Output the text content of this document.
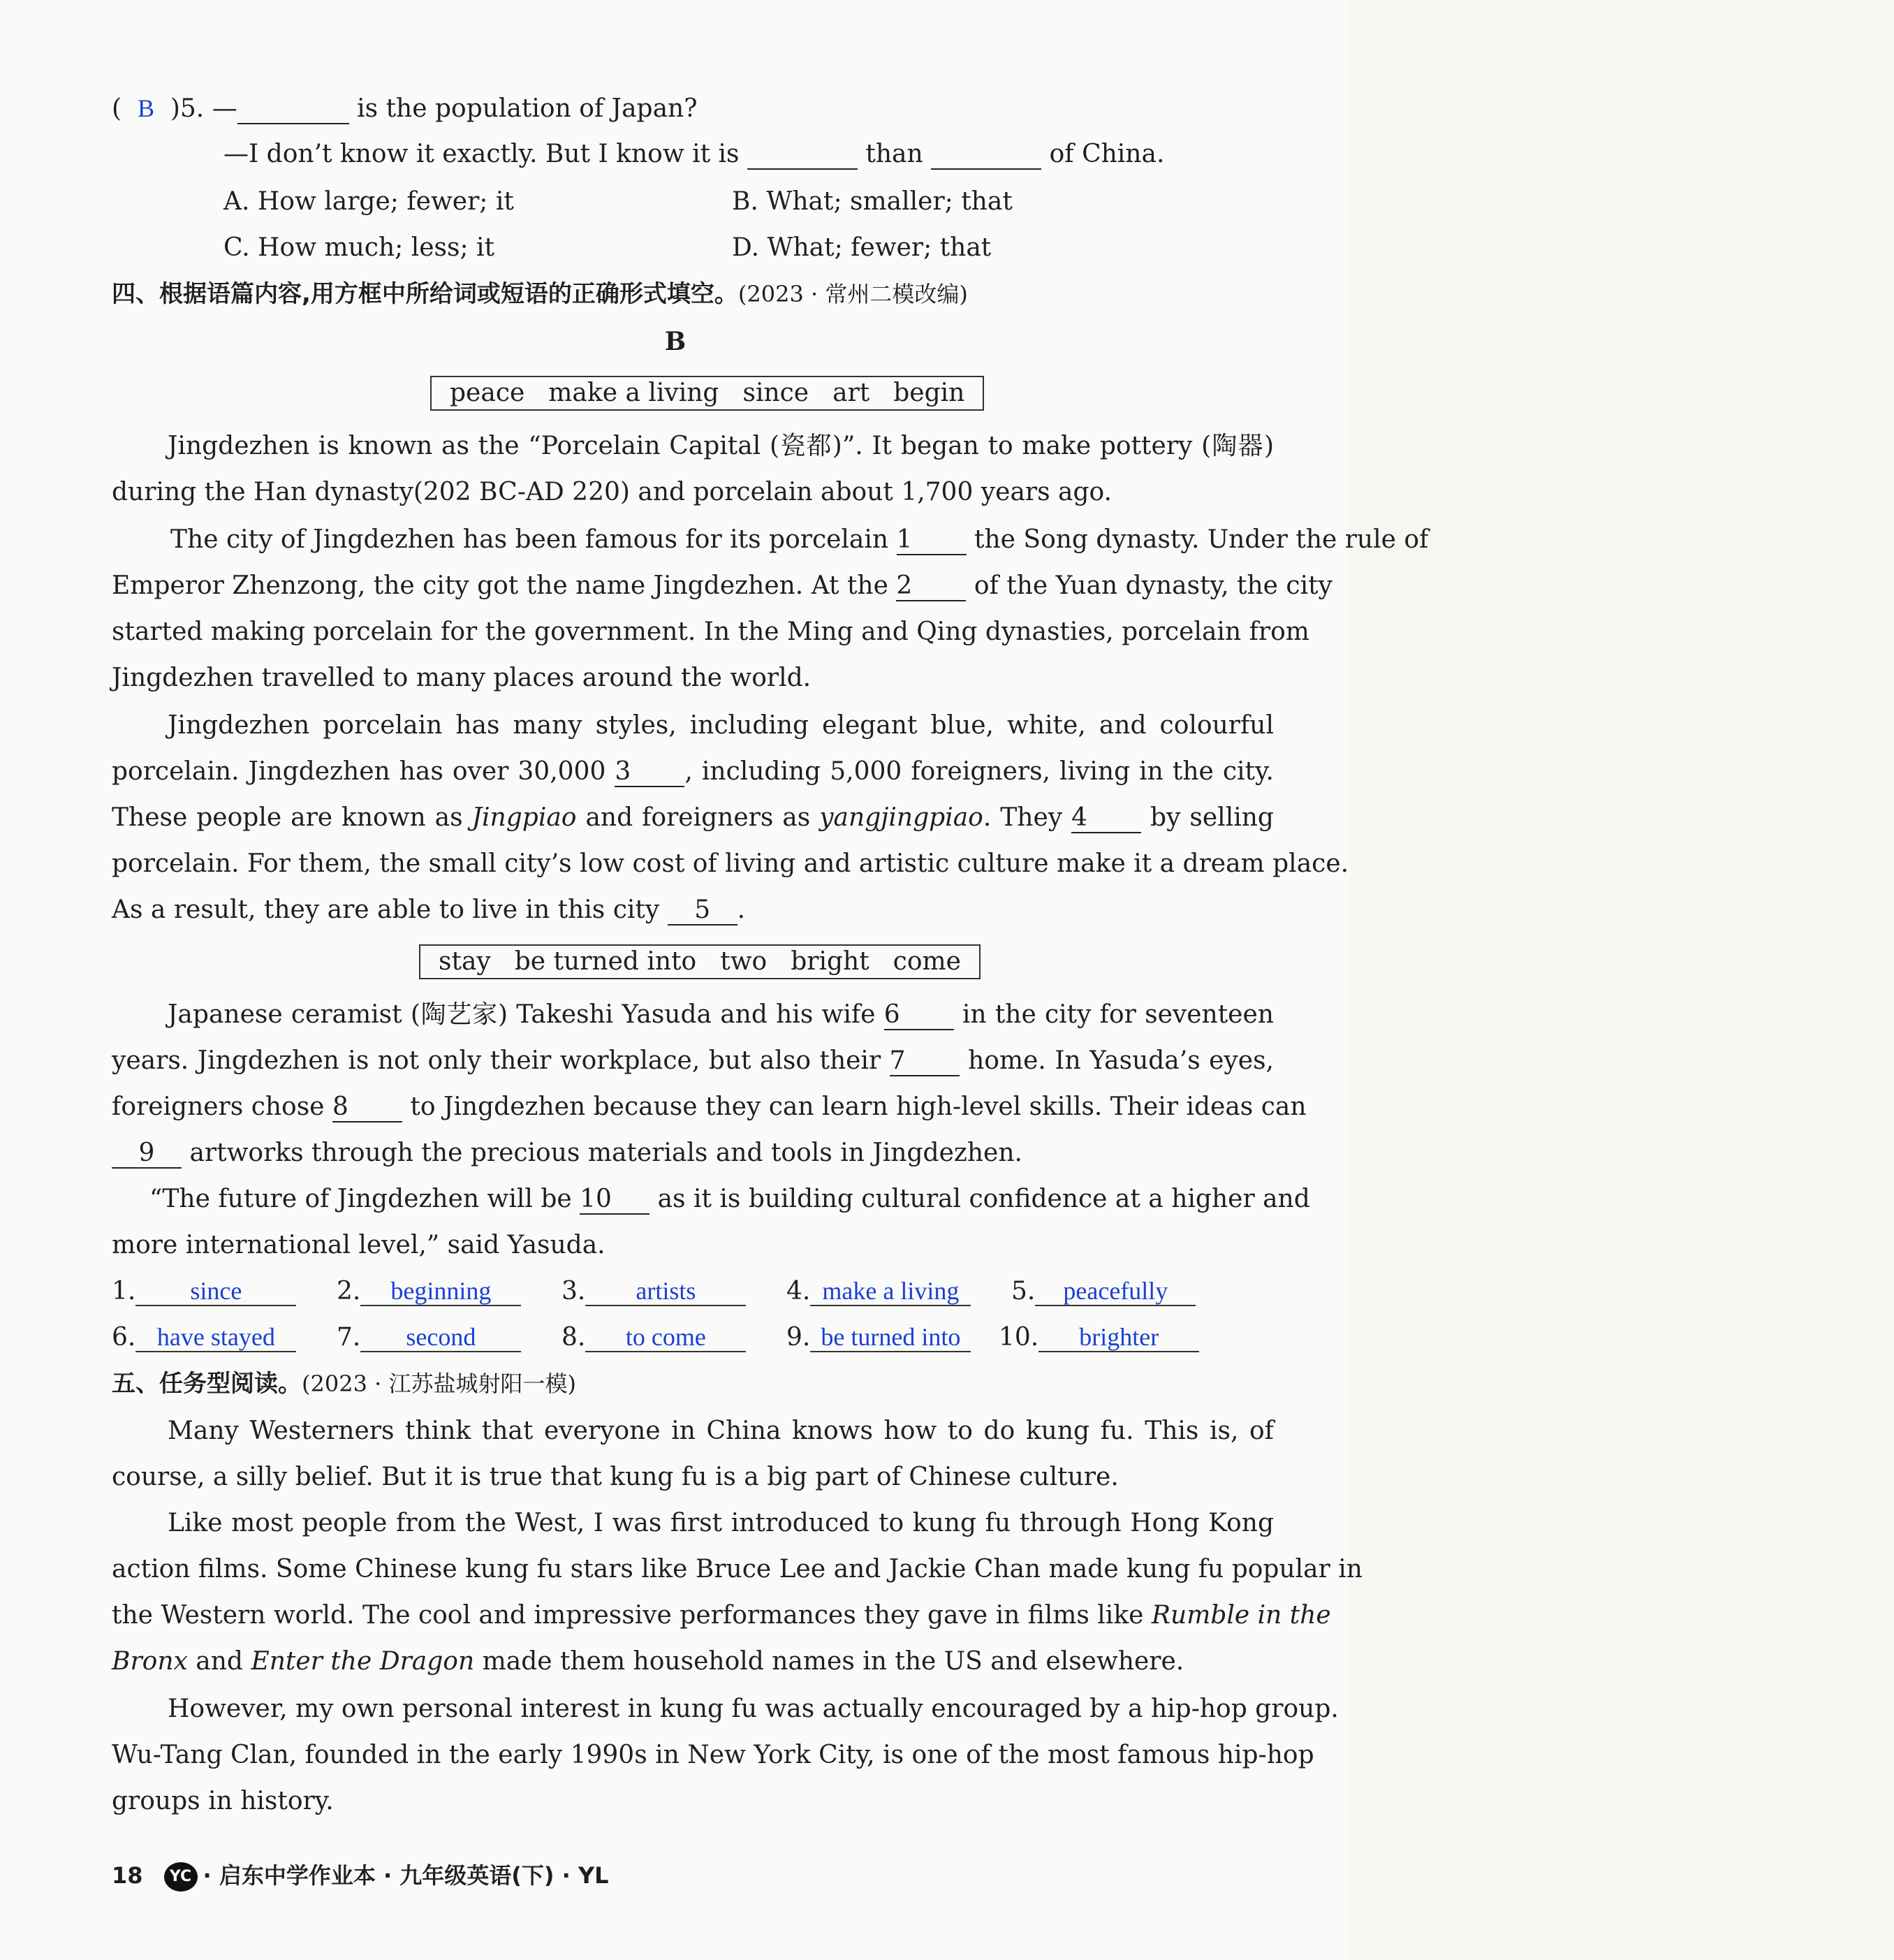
(  B )5. —	is the population of Japan?
—I don’t know it exactly. But I know it is	than	of China.
A. How large; fewer; it	B. What; smaller; that
C. How much; less; it	D. What; fewer; that
四、根据语篇内容,用方框中所给词或短语的正确形式填空。(2023 · 常州二模改编)
B
peace make a living since art begin
Jingdezhen is known as the “Porcelain Capital (瓷都)”. It began to make pottery (陶器)
during the Han dynasty(202 BC-AD 220) and porcelain about 1,700 years ago.
The city of Jingdezhen has been famous for its porcelain 1 the Song dynasty. Under the rule of
Emperor Zhenzong, the city got the name Jingdezhen. At the 2 of the Yuan dynasty, the city
started making porcelain for the government. In the Ming and Qing dynasties, porcelain from
Jingdezhen travelled to many places around the world.
Jingdezhen porcelain has many styles, including elegant blue, white, and colourful
porcelain. Jingdezhen has over 30,000 3 , including 5,000 foreigners, living in the city.
These people are known as Jingpiao and foreigners as yangjingpiao. They 4	by selling
porcelain. For them, the small city’s low cost of living and artistic culture make it a dream place.
As a result, they are able to live in this city 5 .
stay be turned into two bright come
Japanese ceramist (陶艺家) Takeshi Yasuda and his wife 6 in the city for seventeen
years. Jingdezhen is not only their workplace, but also their 7 home. In Yasuda’s eyes,
foreigners chose 8 to Jingdezhen because they can learn high-level skills. Their ideas can
9 artworks through the precious materials and tools in Jingdezhen.
“The future of Jingdezhen will be 10 as it is building cultural confidence at a higher and
more international level,” said Yasuda.
1. since	2. beginning	3. artists	4. make a living	5. peacefully
6. have stayed	7. second	8. to come	9. be turned into	10. brighter
五、任务型阅读。(2023 · 江苏盐城射阳一模)
Many Westerners think that everyone in China knows how to do kung fu. This is, of
course, a silly belief. But it is true that kung fu is a big part of Chinese culture.
Like most people from the West, I was first introduced to kung fu through Hong Kong
action films. Some Chinese kung fu stars like Bruce Lee and Jackie Chan made kung fu popular in
the Western world. The cool and impressive performances they gave in films like Rumble in the
Bronx and Enter the Dragon made them household names in the US and elsewhere.
However, my own personal interest in kung fu was actually encouraged by a hip-hop group.
Wu-Tang Clan, founded in the early 1990s in New York City, is one of the most famous hip-hop
groups in history.
18 YC · 启东中学作业本 · 九年级英语(下) · YL
